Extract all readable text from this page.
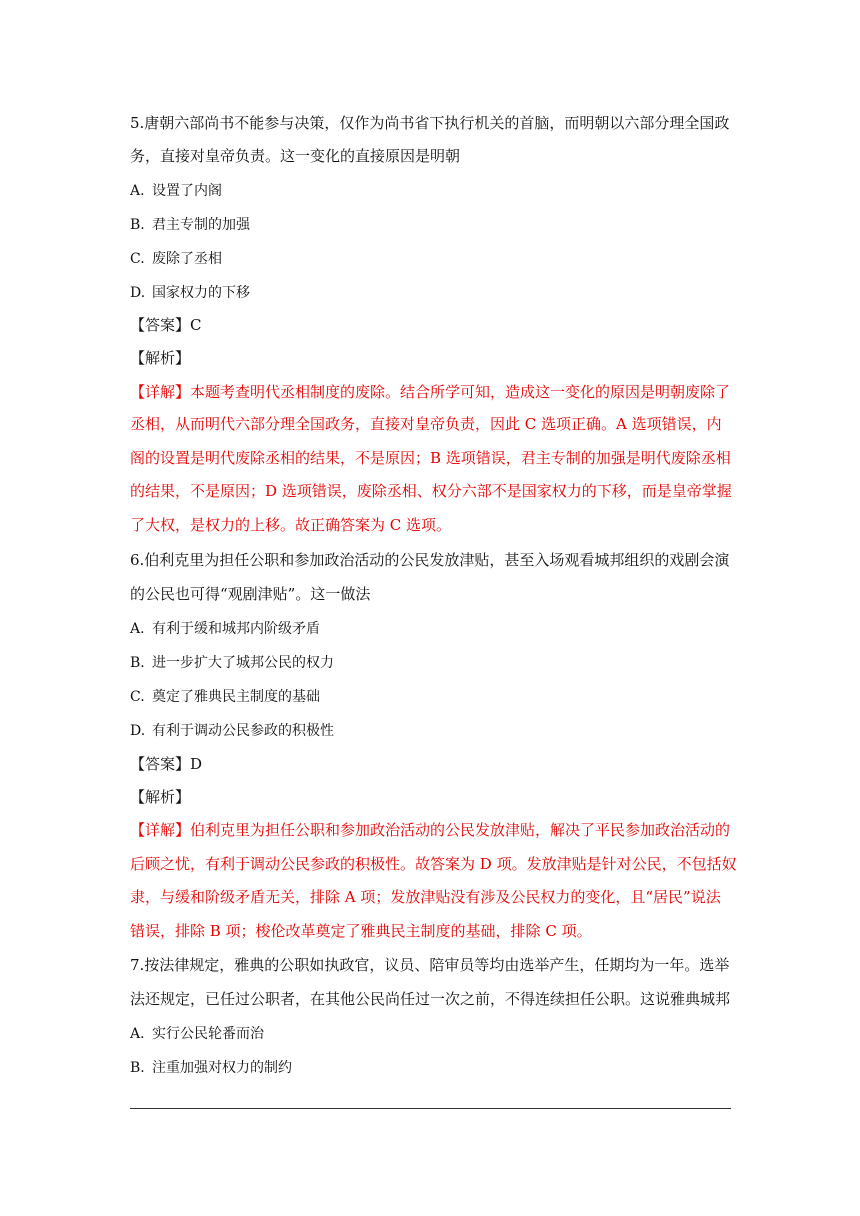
5.唐朝六部尚书不能参与决策，仅作为尚书省下执行机关的首脑，而明朝以六部分理全国政
务，直接对皇帝负责。这一变化的直接原因是明朝
A. 设置了内阁
B. 君主专制的加强
C. 废除了丞相
D. 国家权力的下移
【答案】C
【解析】
【详解】本题考查明代丞相制度的废除。结合所学可知，造成这一变化的原因是明朝废除了
丞相，从而明代六部分理全国政务，直接对皇帝负责，因此 C 选项正确。A 选项错误，内
阁的设置是明代废除丞相的结果，不是原因；B 选项错误，君主专制的加强是明代废除丞相
的结果，不是原因；D 选项错误，废除丞相、权分六部不是国家权力的下移，而是皇帝掌握
了大权，是权力的上移。故正确答案为 C 选项。
6.伯利克里为担任公职和参加政治活动的公民发放津贴，甚至入场观看城邦组织的戏剧会演
的公民也可得“观剧津贴”。这一做法
A. 有利于缓和城邦内阶级矛盾
B. 进一步扩大了城邦公民的权力
C. 奠定了雅典民主制度的基础
D. 有利于调动公民参政的积极性
【答案】D
【解析】
【详解】伯利克里为担任公职和参加政治活动的公民发放津贴，解决了平民参加政治活动的
后顾之忧，有利于调动公民参政的积极性。故答案为 D 项。发放津贴是针对公民，不包括奴
隶，与缓和阶级矛盾无关，排除 A 项；发放津贴没有涉及公民权力的变化，且“居民”说法
错误，排除 B 项；梭伦改革奠定了雅典民主制度的基础，排除 C 项。
7.按法律规定，雅典的公职如执政官，议员、陪审员等均由选举产生，任期均为一年。选举
法还规定，已任过公职者，在其他公民尚任过一次之前，不得连续担任公职。这说雅典城邦
A. 实行公民轮番而治
B. 注重加强对权力的制约
